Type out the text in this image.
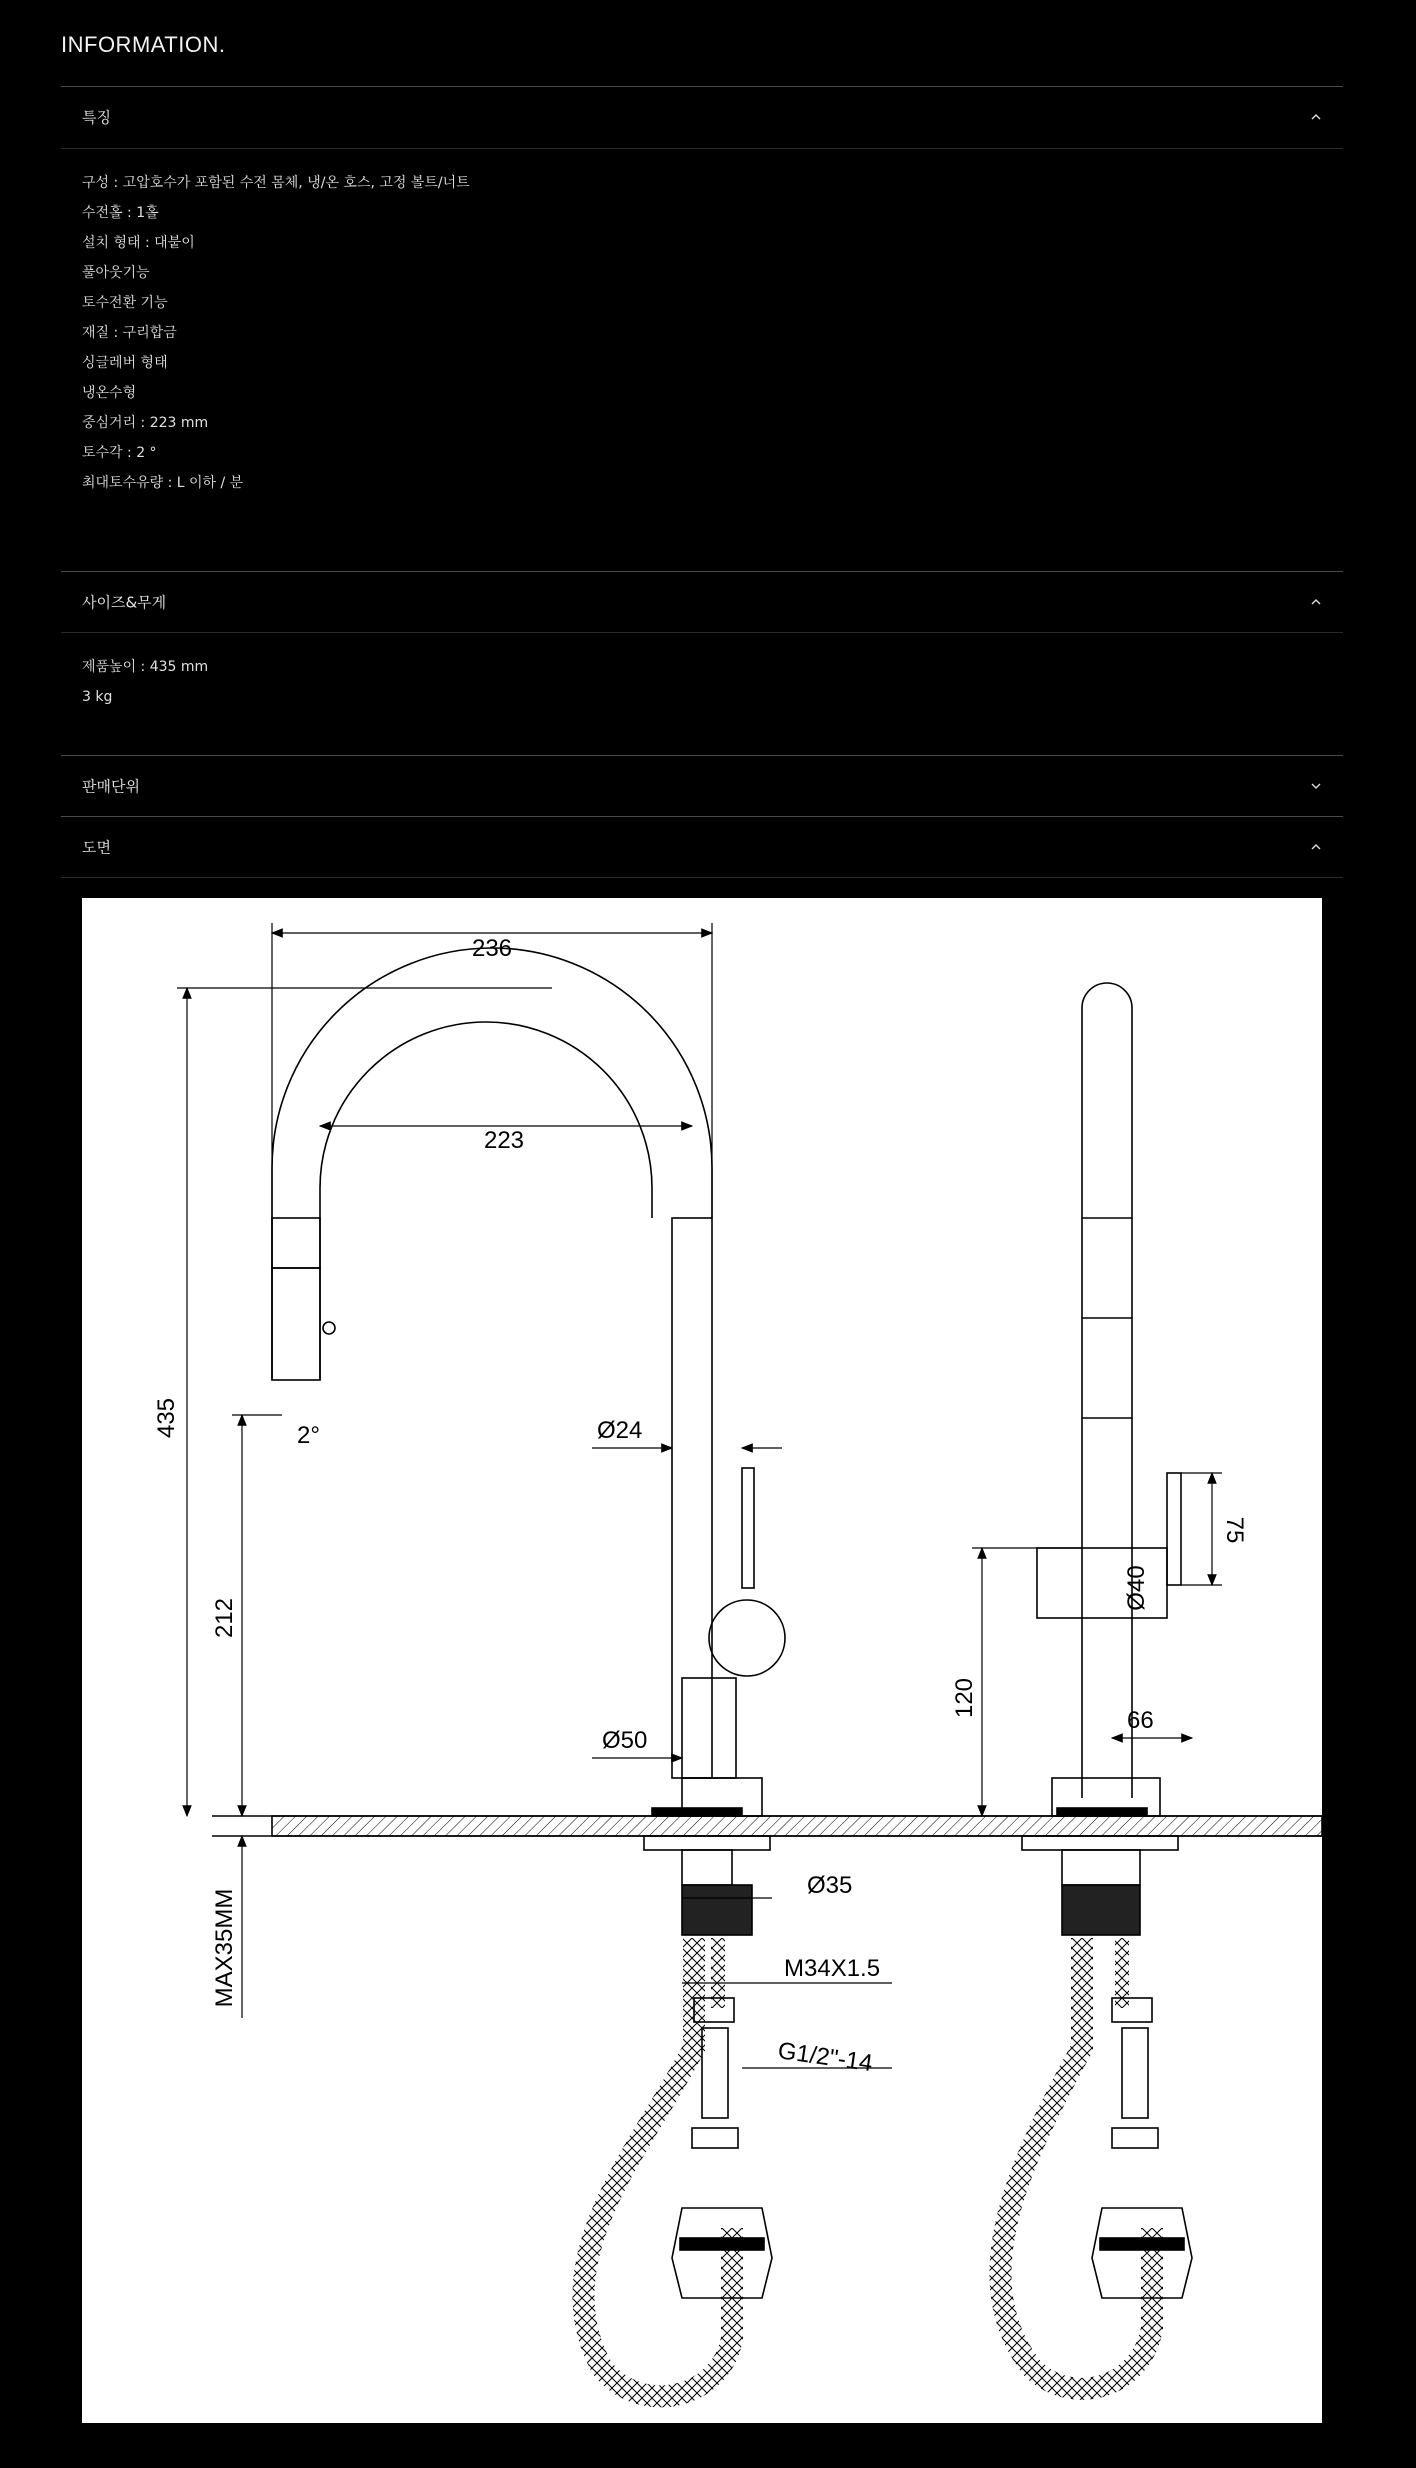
INFORMATION.
특징
구성 : 고압호수가 포함된 수전 몸체, 냉/온 호스, 고정 볼트/너트
수전홀 : 1홀
설치 형태 : 대붙이
풀아웃기능
토수전환 기능
재질 : 구리합금
싱글레버 형태
냉온수형
중심거리 : 223 mm
토수각 : 2 °
최대토수유량 : L 이하 / 분
사이즈&무게
제품높이 : 435 mm
3 kg
판매단위
도면
236
223
435	2°	Ø24
212
Ø50
MAX35MM
Ø35
M34X1.5
G1/2"-14
75
Ø40
120
66
